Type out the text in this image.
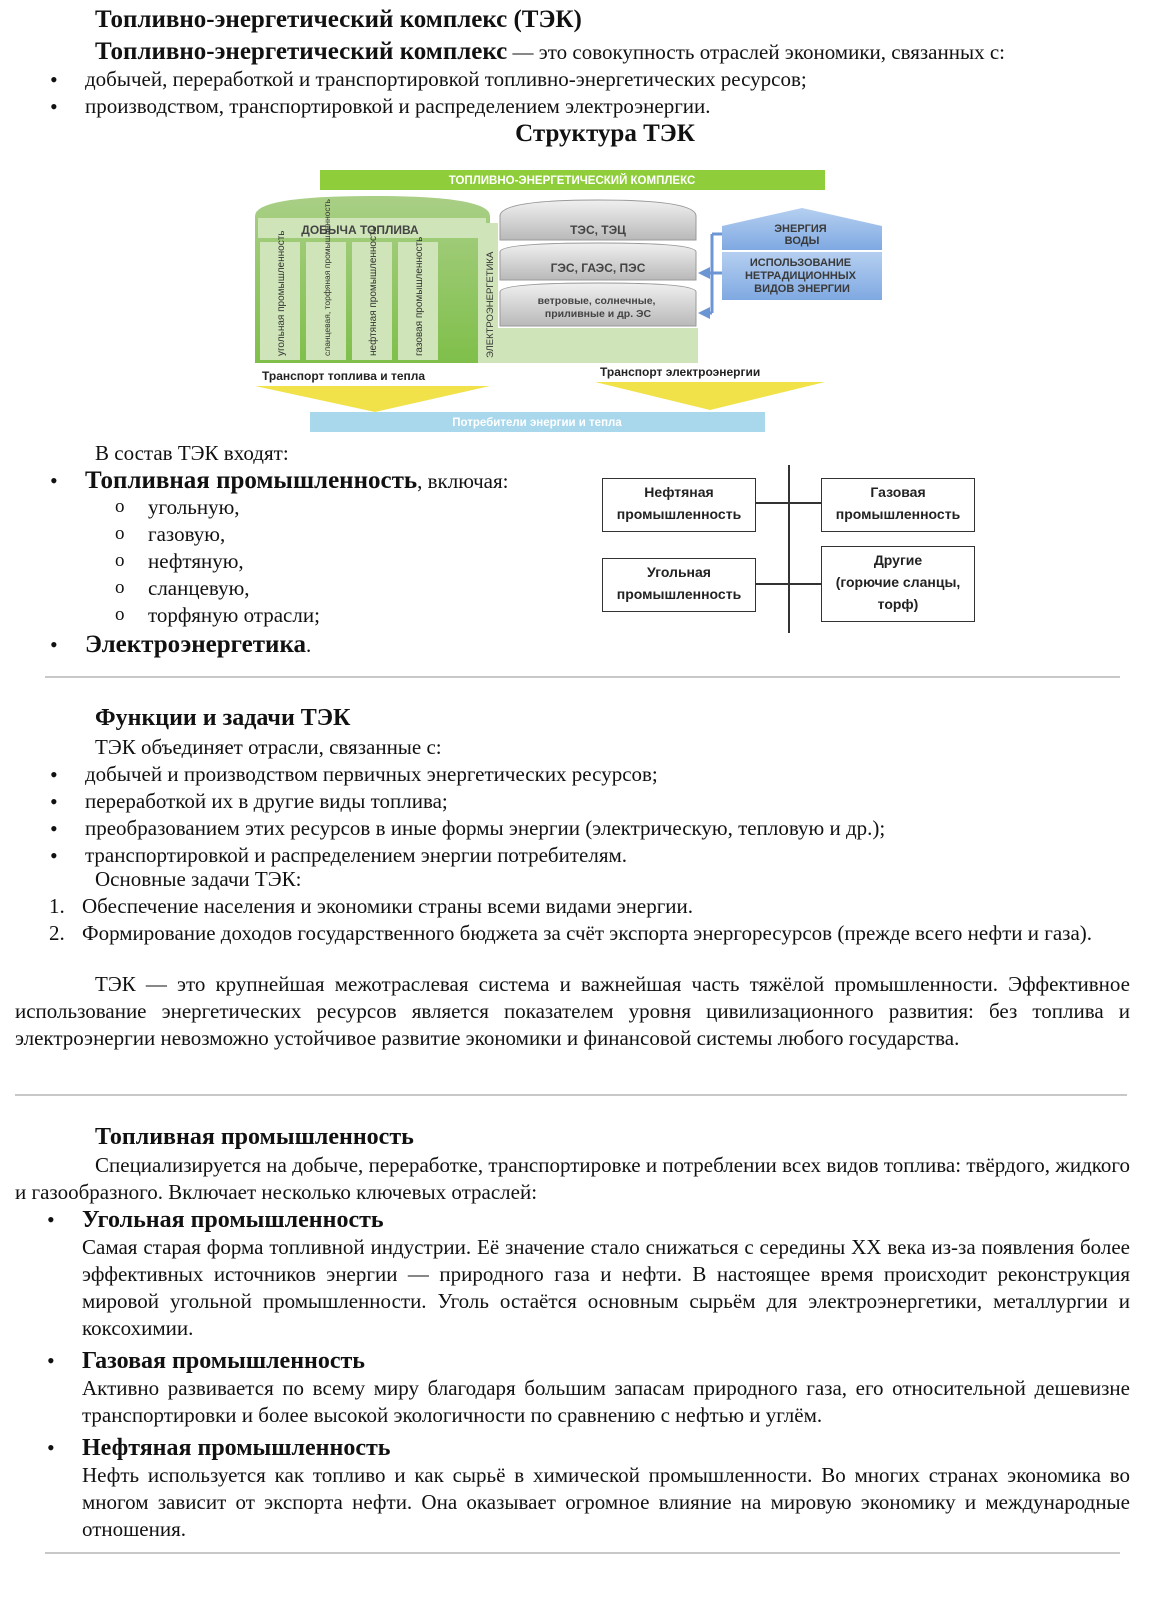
Топливно-энергетический комплекс (ТЭК)
Топливно-энергетический комплекс — это совокупность отраслей экономики, связанных с:
• добычей, переработкой и транспортировкой топливно-энергетических ресурсов;
• производством, транспортировкой и распределением электроэнергии.
Структура ТЭК
ТОПЛИВНО-ЭНЕРГЕТИЧЕСКИЙ КОМПЛЕКС
ДОБЫЧА ТОПЛИВА
угольная промышленность	сланцевая, торфяная промышленность	нефтяная промышленность	газовая промышленность	ЭЛЕКТРОЭНЕРГЕТИКА
ТЭС, ТЭЦ
ГЭС, ГАЭС, ПЭС
ветровые, солнечные, приливные и др. ЭС
ЭНЕРГИЯ ВОДЫ
ИСПОЛЬЗОВАНИЕ НЕТРАДИЦИОННЫХ ВИДОВ ЭНЕРГИИ
Транспорт топлива и тепла	Транспорт электроэнергии
Потребители энергии и тепла
В состав ТЭК входят:
• Топливная промышленность, включая:
o угольную,
o газовую,
o нефтяную,
o сланцевую,
o торфяную отрасли;
• Электроэнергетика.
Нефтяная
промышленность
Газовая
промышленность
Угольная
промышленность
Другие
(горючие сланцы,
торф)
Функции и задачи ТЭК
ТЭК объединяет отрасли, связанные с:
• добычей и производством первичных энергетических ресурсов;
• переработкой их в другие виды топлива;
• преобразованием этих ресурсов в иные формы энергии (электрическую, тепловую и др.);
• транспортировкой и распределением энергии потребителям.
Основные задачи ТЭК:
1. Обеспечение населения и экономики страны всеми видами энергии.
2. Формирование доходов государственного бюджета за счёт экспорта энергоресурсов (прежде всего нефти и газа).
ТЭК — это крупнейшая межотраслевая система и важнейшая часть тяжёлой промышленности. Эффективное использование энергетических ресурсов является показателем уровня цивилизационного развития: без топлива и электроэнергии невозможно устойчивое развитие экономики и финансовой системы любого государства.
Топливная промышленность
Специализируется на добыче, переработке, транспортировке и потреблении всех видов топлива: твёрдого, жидкого и газообразного. Включает несколько ключевых отраслей:
• Угольная промышленность
Самая старая форма топливной индустрии. Её значение стало снижаться с середины XX века из-за появления более эффективных источников энергии — природного газа и нефти. В настоящее время происходит реконструкция мировой угольной промышленности. Уголь остаётся основным сырьём для электроэнергетики, металлургии и коксохимии.
• Газовая промышленность
Активно развивается по всему миру благодаря большим запасам природного газа, его относительной дешевизне транспортировки и более высокой экологичности по сравнению с нефтью и углём.
• Нефтяная промышленность
Нефть используется как топливо и как сырьё в химической промышленности. Во многих странах экономика во многом зависит от экспорта нефти. Она оказывает огромное влияние на мировую экономику и международные отношения.
